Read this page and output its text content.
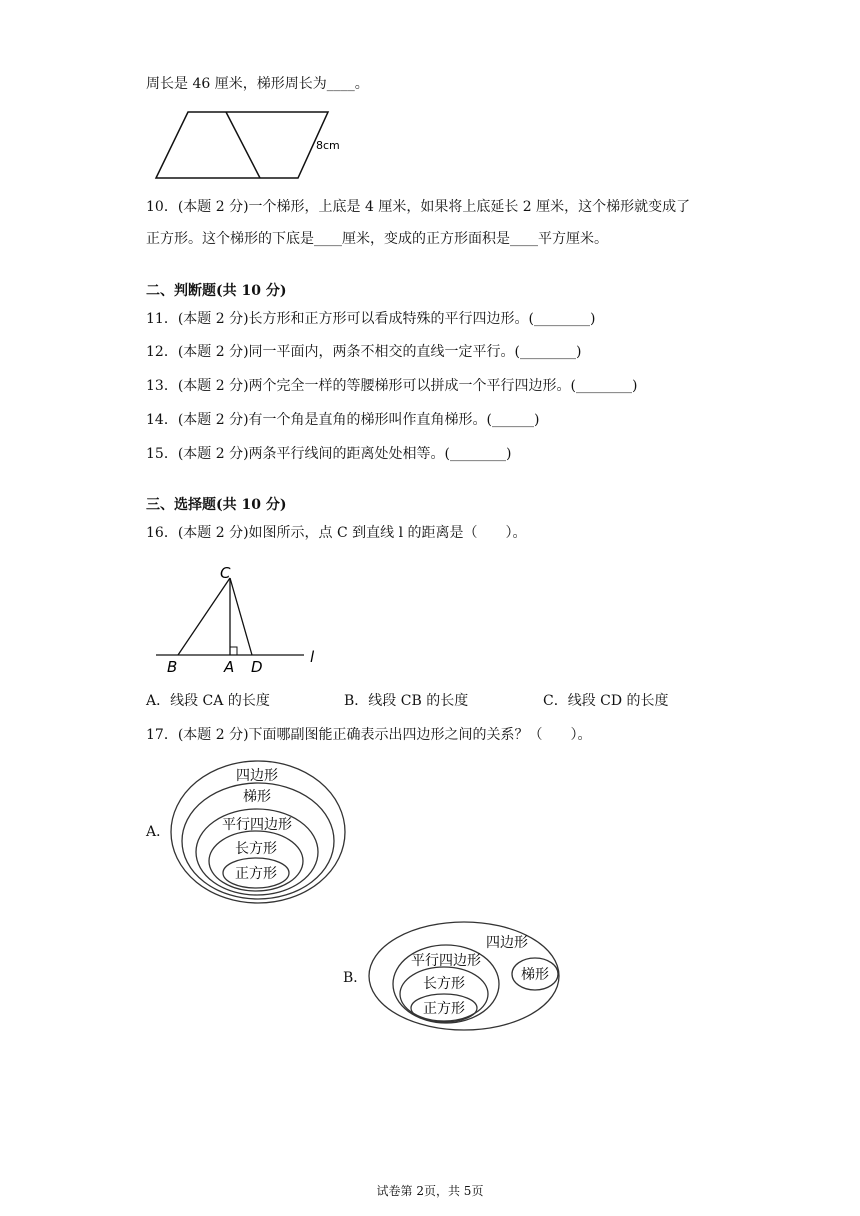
周长是 46 厘米，梯形周长为____。
8cm
10．(本题 2 分)一个梯形，上底是 4 厘米，如果将上底延长 2 厘米，这个梯形就变成了
正方形。这个梯形的下底是____厘米，变成的正方形面积是____平方厘米。
二、判断题(共 10 分)
11．(本题 2 分)长方形和正方形可以看成特殊的平行四边形。(________)
12．(本题 2 分)同一平面内，两条不相交的直线一定平行。(________)
13．(本题 2 分)两个完全一样的等腰梯形可以拼成一个平行四边形。(________)
14．(本题 2 分)有一个角是直角的梯形叫作直角梯形。(______)
15．(本题 2 分)两条平行线间的距离处处相等。(________)
三、选择题(共 10 分)
16．(本题 2 分)如图所示，点 C 到直线 l 的距离是（　　）。
C
B	A D
l
A．线段 CA 的长度	B．线段 CB 的长度	C．线段 CD 的长度
17．(本题 2 分)下面哪副图能正确表示出四边形之间的关系？（　　）。
A．
四边形
梯形
平行四边形
长方形
正方形
B．
四边形
平行四边形
长方形
正方形
梯形
试卷第 2页，共 5页
